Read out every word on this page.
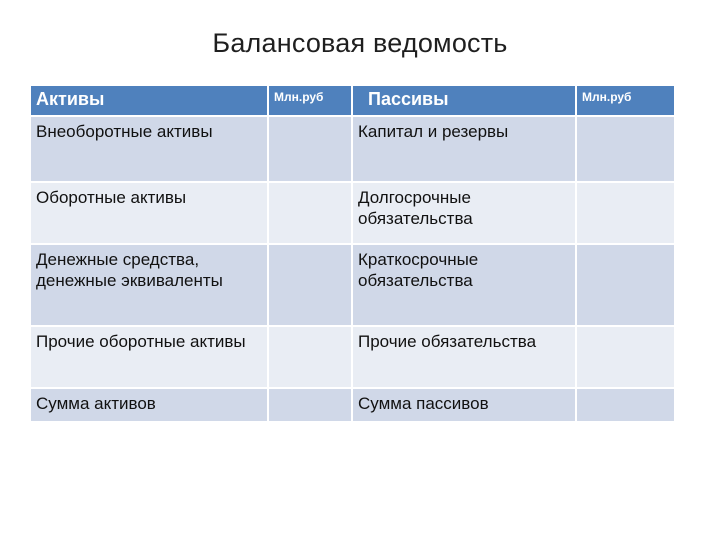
Балансовая ведомость
Активы	Млн.руб	Пассивы	Млн.руб
Внеоборотные активы		Капитал и резервы	
Оборотные активы		Долгосрочные обязательства	
Денежные средства, денежные эквиваленты		Краткосрочные обязательства	
Прочие оборотные активы		Прочие обязательства	
Сумма активов		Сумма пассивов	
